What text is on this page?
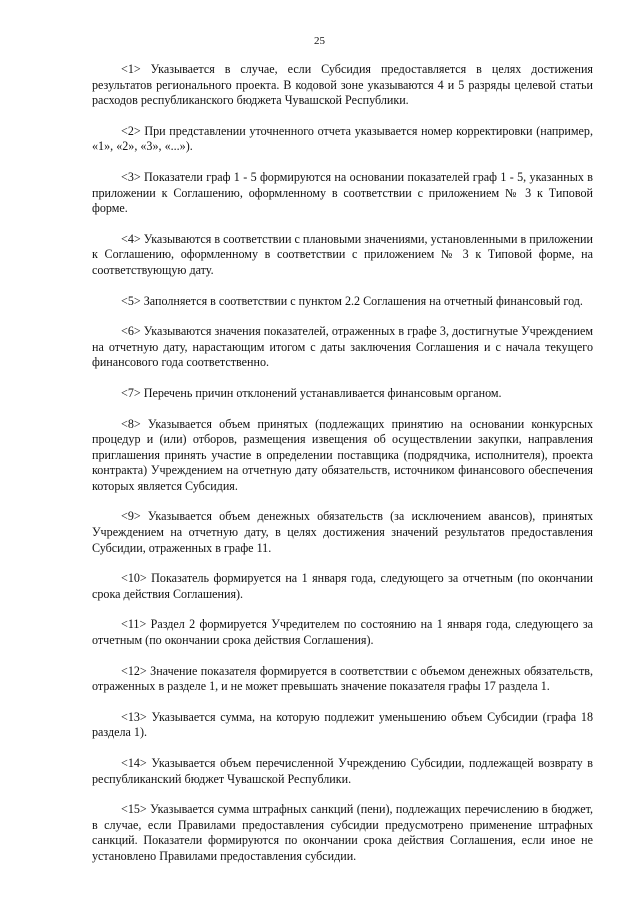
25

<1> Указывается в случае, если Субсидия предоставляется в целях достижения результатов регионального проекта. В кодовой зоне указываются 4 и 5 разряды целевой статьи расходов республиканского бюджета Чувашской Республики.

<2> При представлении уточненного отчета указывается номер корректировки (например, «1», «2», «3», «...»).

<3> Показатели граф 1 - 5 формируются на основании показателей граф 1 - 5, указанных в приложении к Соглашению, оформленному в соответствии с приложением № 3 к Типовой форме.

<4> Указываются в соответствии с плановыми значениями, установленными в приложении к Соглашению, оформленному в соответствии с приложением № 3 к Типовой форме, на соответствующую дату.

<5> Заполняется в соответствии с пунктом 2.2 Соглашения на отчетный финансовый год.

<6> Указываются значения показателей, отраженных в графе 3, достигнутые Учреждением на отчетную дату, нарастающим итогом с даты заключения Соглашения и с начала текущего финансового года соответственно.

<7> Перечень причин отклонений устанавливается финансовым органом.

<8> Указывается объем принятых (подлежащих принятию на основании конкурсных процедур и (или) отборов, размещения извещения об осуществлении закупки, направления приглашения принять участие в определении поставщика (подрядчика, исполнителя), проекта контракта) Учреждением на отчетную дату обязательств, источником финансового обеспечения которых является Субсидия.

<9> Указывается объем денежных обязательств (за исключением авансов), принятых Учреждением на отчетную дату, в целях достижения значений результатов предоставления Субсидии, отраженных в графе 11.

<10> Показатель формируется на 1 января года, следующего за отчетным (по окончании срока действия Соглашения).

<11> Раздел 2 формируется Учредителем по состоянию на 1 января года, следующего за отчетным (по окончании срока действия Соглашения).

<12> Значение показателя формируется в соответствии с объемом денежных обязательств, отраженных в разделе 1, и не может превышать значение показателя графы 17 раздела 1.

<13> Указывается сумма, на которую подлежит уменьшению объем Субсидии (графа 18 раздела 1).

<14> Указывается объем перечисленной Учреждению Субсидии, подлежащей возврату в республиканский бюджет Чувашской Республики.

<15> Указывается сумма штрафных санкций (пени), подлежащих перечислению в бюджет, в случае, если Правилами предоставления субсидии предусмотрено применение штрафных санкций. Показатели формируются по окончании срока действия Соглашения, если иное не установлено Правилами предоставления субсидии.
